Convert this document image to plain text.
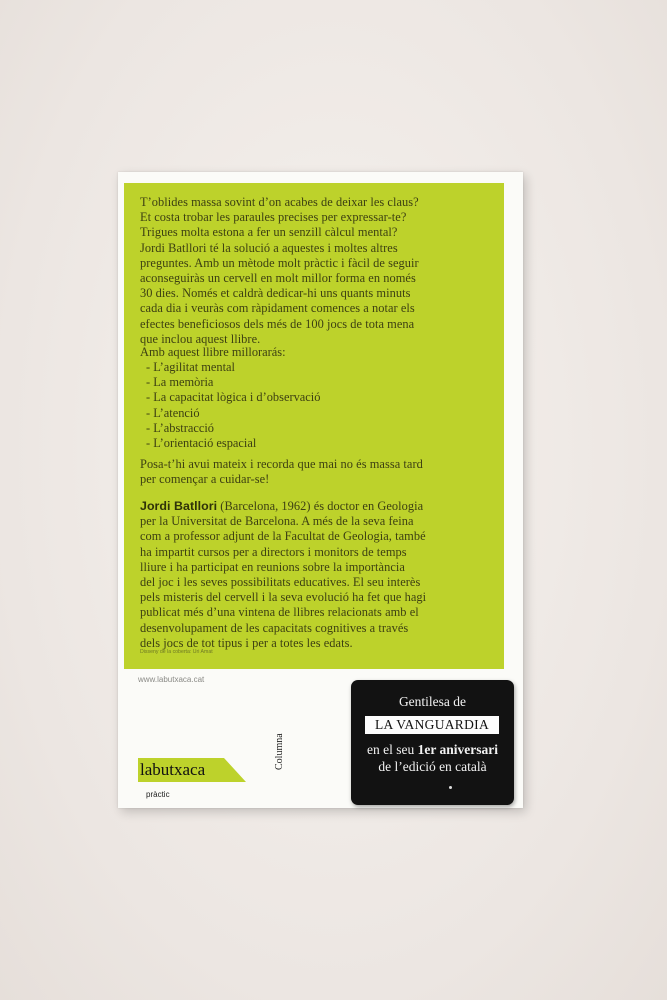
T’oblides massa sovint d’on acabes de deixar les claus?
Et costa trobar les paraules precises per expressar-te?
Trigues molta estona a fer un senzill càlcul mental?
Jordi Batllori té la solució a aquestes i moltes altres
preguntes. Amb un mètode molt pràctic i fàcil de seguir
aconseguiràs un cervell en molt millor forma en només
30 dies. Només et caldrà dedicar-hi uns quants minuts
cada dia i veuràs com ràpidament comences a notar els
efectes beneficiosos dels més de 100 jocs de tota mena
que inclou aquest llibre.
Amb aquest llibre millorarás:
- L’agilitat mental
- La memòria
- La capacitat lògica i d’observació
- L’atenció
- L’abstracció
- L’orientació espacial
Posa-t’hi avui mateix i recorda que mai no és massa tard
per començar a cuidar-se!
Jordi Batllori (Barcelona, 1962) és doctor en Geologia
per la Universitat de Barcelona. A més de la seva feina
com a professor adjunt de la Facultat de Geologia, també
ha impartit cursos per a directors i monitors de temps
lliure i ha participat en reunions sobre la importància
del joc i les seves possibilitats educatives. El seu interès
pels misteris del cervell i la seva evolució ha fet que hagi
publicat més d’una vintena de llibres relacionats amb el
desenvolupament de les capacitats cognitives a través
dels jocs de tot tipus i per a totes les edats.
Disseny de la coberta: Uri Amat
www.labutxaca.cat
labutxaca
pràctic
Columna
Gentilesa de
LA VANGUARDIA
en el seu 1er aniversari
de l’edició en català
